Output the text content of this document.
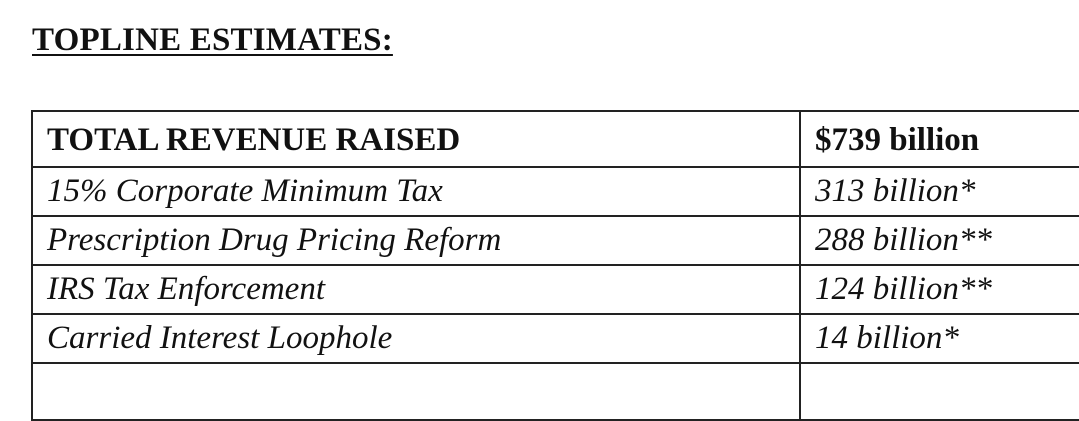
TOPLINE ESTIMATES:
TOTAL REVENUE RAISED	$739 billion
15% Corporate Minimum Tax	313 billion*
Prescription Drug Pricing Reform	288 billion**
IRS Tax Enforcement	124 billion**
Carried Interest Loophole	14 billion*
